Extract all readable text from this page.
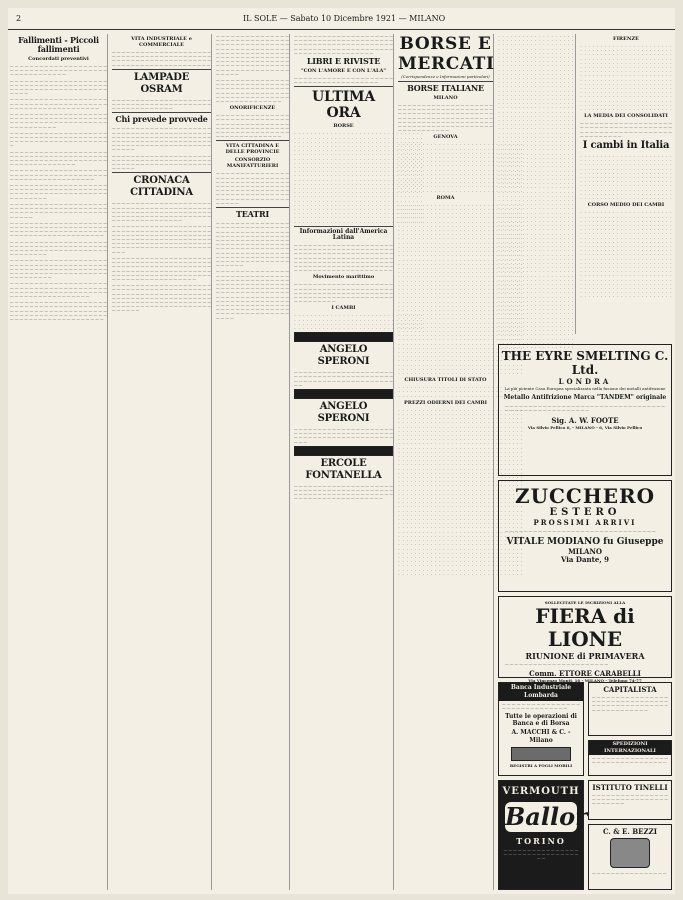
2	IL SOLE — Sabato 10 Dicembre 1921 — MILANO
Fallimenti - Piccoli fallimenti
Concordati preventivi

— — — — — — — — — — — — — — — — — — — — — — — — — — — — — — — — — — — — — — — — — — — — — — — — — — — —

— — — — — — — — — — — — — — — — — — — — — — — — — — — — — — — — — — — — — — — — — — — — — — — — — — — — — — — — — — — — — — — —

— — — — — — — — — — — — — — — — — — — — — — — — — — — — — — — — — — — — — — — — — — — — — — — — — — — — — — — — — — —

— — — — — — — — — — — — — — — — — — — — — — — — — — — — — — — — — — — — — — — — — — — — — — — — — — — — — — — — — — — — — — — — — — — — — —

— — — — — — — — — — — — — — — — — — — — — — — — — — — — — — — — — — — — — — — — — — — — — — — — — — — — — — — — — — — — —

— — — — — — — — — — — — — — — — — — — — — — — — — — — — — — — — — — — — — — — — — — — — — — — — — — — — — — — — — — — — — — — — — — — — — — — — — —

— — — — — — — — — — — — — — — — — — — — — — — — — — — — — — — — — — — — — — — — — — — — — — — — — — — — — — — — — —

— — — — — — — — — — — — — — — — — — — — — — — — — — — — — — — — — — — — — — — — — — — — — — — — — — — — — — — — — — — — — — — — — — — —

— — — — — — — — — — — — — — — — — — — — — — — — — — — — — — — — — — — — — — — — — — — — — — — — — — — — — — — — — — — — — — — — —

— — — — — — — — — — — — — — — — — — — — — — — — — — — — — — — — — — — — — — — — — — — — — — — — — — — — — — — — — — — — — — — — — — — — — — — — — — — — — — — —

— — — — — — — — — — — — — — — — — — — — — — — — — — — — — — — — — — — — — — — — — — — — — — — — — — — — — — — — — — — — — — — — — — — —

— — — — — — — — — — — — — — — — — — — — — — — — — — — — — — — — — — — — — — — — — — — — — — — — — — — — — — — — — — — — — — — — — — — — — — — — — — — — — — — — — — — — — — — — —

— — — — — — — — — — — — — — — — — — — — — — — — — — — — — — — — — — — — — — — — — — — — — — — — — — — — — — — — — — — — — — — — — — — — — — — — — — — — —

— — — — — — — — — — — — — — — — — — — — — — — — — — — — — — — — — — — — — — — — — — — — — — — — — — — — — — — — — — — — — — — — — — — — — — — — — — — — — — — — — — — — — — — — — — — — — — — — — — — —

VITA INDUSTRIALE e COMMERCIALE

— — — — — — — — — — — — — — — — — — — — — — — — — — — — — — — — — — — — — — — — — — — — — — — — — — — — — — — — — — — — — — — — — — — — — — — — — — — — — — — — — — — —

LAMPADE OSRAM

— — — — — — — — — — — — — — — — — — — — — — — — — — — — — — — — — — — — — — — — — — — — — — — — — — — — — — —

Chi prevede provvede

— — — — — — — — — — — — — — — — — — — — — — — — — — — — — — — — — — — — — — — — — — — — — — — — — — — — — — — — — — — — — — — — — — — — — — — — — — — — — — — — — — — — — — — — — — — — — — — — — — — — — — — — — — — — — —

— — — — — — — — — — — — — — — — — — — — — — — — — — — — — — — — — — — — — — — — — — — — — — — — — — — — — — — — — — — — — — — — — — — —

CRONACA CITTADINA

— — — — — — — — — — — — — — — — — — — — — — — — — — — — — — — — — — — — — — — — — — — — — — — — — — — — — — — — — — — — — — — — — — — — — — — — — — — — — — — — — — — — — — — — — — — — — — — — — — —

— — — — — — — — — — — — — — — — — — — — — — — — — — — — — — — — — — — — — — — — — — — — — — — — — — — — — — — — — — — — — — — — — — — — — — — — — — — — — — — — — — — — — — — — — — — — — — — — — — — — — — — — — — — — — — — — — — — — — — — — — — — — — — — — —

— — — — — — — — — — — — — — — — — — — — — — — — — — — — — — — — — — — — — — — — — — — — — — — — — — — — — — — — — — — — — — — — — — — — — — — — — — — — — — — — — — — — — — — — — — — — — — — — — — — — — — — — — — — — — — — — — — — — — — — — — — —

— — — — — — — — — — — — — — — — — — — — — — — — — — — — — — — — — — — — — — — — — — — — — — — — — — — — — — — — — — — — — — — — — — — — — — — — — — — — — — — — — — — — — — — — — — — — — — — — — — — — — — — — — — — — — — — — — — — — — — — — — — — — — — — — — — — —

— — — — — — — — — — — — — — — — — — — — — — — — — — — — — — — — — — — — — — — — — — — — — — — — — — — — — — — — — — — — — — — — — — — — — — — — — — — — — — — — — — — — — — — — — — — — — — — — — — — — — — — — — — — — — — — — — — — — — — — — — — — — — — — — — — — — — — — — — — — —

— — — — — — — — — — — — — — — — — — — — — — — — — — — — — — — — — — — — — — — — — — — — — — — — — — — — — — — — — — — — — — — — — — — — — — — — — — — — — — — — — — — — — — — — —

ONORIFICENZE

— — — — — — — — — — — — — — — — — — — — — — — — — — — — — — — — — — — — — — — — — — — — — — — — — — — — — — — — — — — — — — — — — — — — — — — — — — — — — — — — — — — — — — — — —

VITA CITTADINA E DELLE PROVINCIE
CONSORZIO MANIFATTURIERI

— — — — — — — — — — — — — — — — — — — — — — — — — — — — — — — — — — — — — — — — — — — — — — — — — — — — — — — — — — — — — — — — — — — — — — — — — — — — — — — — — — — — — — — — — — — — — — — — — — — — — — — — — — — — — —

TEATRI

— — — — — — — — — — — — — — — — — — — — — — — — — — — — — — — — — — — — — — — — — — — — — — — — — — — — — — — — — — — — — — — — — — — — — — — — — — — — — — — — — — — — — — — — — — — — — — — — — — — — — — — — — — — — — — — — — — — — — — — — — — — — — — — — — — — — — — — — — — — — — — — — — — — — — — — — — — — —

— — — — — — — — — — — — — — — — — — — — — — — — — — — — — — — — — — — — — — — — — — — — — — — — — — — — — — — — — — — — — — — — — — — — — — — — — — — — — — — — — — — — — — — — — — — — — — — — — — — — — — — — — — — — — — — — — — — — — — — — — — — — — — — — — — — — — — — — — — — — — — — — — — — — — — — — — — — — — — — — — — — — — — — — —

— — — — — — — — — — — — — — — — — — — — — — — — — — — — — — — — — — — — — — — — — — — — — — — — — — — — — — — — — — — — — — — — — — — — — — — — — — — — — — — — — — — — — — — — — — — — — — — — — — — — —

LIBRI E RIVISTE
"CON L'AMORE E CON L'ALA"

— — — — — — — — — — — — — — — — — — — — — — — — — — — — — — — — — — — — — — —

ULTIMA ORA
BORSE
. . . . . . . . . . . . . . . . . . . . . . . . . . . . . . . .
. . . . . . . . . . . . . . . . . . . . . . . . . . . . . . . .
. . . . . . . . . . . . . . . . . . . . . . . . . . . . . . . .
. . . . . . . . . . . . . . . . . . . . . . . . . . . . . . . .
. . . . . . . . . . . . . . . . . . . . . . . . . . . . . . . .
. . . . . . . . . . . . . . . . . . . . . . . . . . . . . . . .
. . . . . . . . . . . . . . . . . . . . . . . . . . . . . . . .
. . . . . . . . . . . . . . . . . . . . . . . . . . . . . . . .
. . . . . . . . . . . . . . . . . . . . . . . . . . . . . . . .
. . . . . . . . . . . . . . . . . . . . . . . . . . . . . . . .
. . . . . . . . . . . . . . . . . . . . . . . . . . . . . . . .
. . . . . . . . . . . . . . . . . . . . . . . . . . . . . . . .
. . . . . . . . . . . . . . . . . . . . . . . . . . . . . . . .
. . . . . . . . . . . . . . . . . . . . . . . . . . . . . . . .
. . . . . . . . . . . . . . . . . . . . . . . . . . . . . . . .
. . . . . . . . . . . . . . . . . . . . . . . . . . . . . . . .
. . . . . . . . . . . . . . . . . . . . . . . . . . . . . . . .
. . . . . . . . . . . . . . . . . . . . . . . . . . . . . . . .
. . . . . . . . . . . . . . . . . . . . . . . . . . . . . . . .
. . . . . . . . . . . . . . . . . . . . . . . . . . . . . . . .
. . . . . . . . . . . . . . . . . . . . . . . . . . . . . . . .
. . . . . . . . . . . . . . . . . . . . . . . . . . . . . . . .
Informazioni dall'America Latina

— — — — — — — — — — — — — — — — — — — — — — — — — — — — — — — — — — — — — — — — — — — — — — — — — — — — — — — — — — — — — — — — — — — — — — — — — — — — — — — — — — — — — — — — — — — — — — — — — — — — — — — — — — — — — — — — — — — — — — — — — — — — — — — — — — — — — — — — — — — — — — — — — — —

Movimento marittimo

— — — — — — — — — — — — — — — — — — — — — — — — — — — — — — — — — — — — — — — — — — — — — — — — — — — — — — — — — — — — — — — — — — — — — — — — — — — — — — — — — — — — — — — — — — — — —

I CAMBI
. . . . . . . . . . . . . . . . . . . . . . . . . . . . . . . .
. . . . . . . . . . . . . . . . . . . . . . . . . . . . . . . .
. . . . . . . . . . . . . . . . . . . . . . . . . . . . . . . .
. . . . . . . . . . . . . . . . . . . . . . . . . . . . . . . .
ANGELO SPERONI

— — — — — — — — — — — — — — — — — — — — — — — — — — — — — — — — — — — — — — — — — — — — — — — — — — — — — — — — — — — — — — — — —

ANGELO SPERONI

— — — — — — — — — — — — — — — — — — — — — — — — — — — — — — — — — — — — — — — — — — — — — — — — — — — — — — — — — — — — — — — — — —

ERCOLE FONTANELLA

— — — — — — — — — — — — — — — — — — — — — — — — — — — — — — — — — — — — — — — — — — — — — — — — — — — — — — — — — — — — — — — — — — — — — — — — — — — — — — — — — —

BORSE E MERCATI
(Corrispondenze e Informazioni particolari)
BORSE ITALIANE
MILANO

— — — — — — — — — — — — — — — — — — — — — — — — — — — — — — — — — — — — — — — — — — — — — — — — — — — — — — — — — — — — — — — — — — — — — — — — — — — — — — — — — — — — — — — — — — — — — — — — — — — — — — — — — — — — — — — — — — — — — — — — — — — — — — — — — — —

GENOVA
. . . . . . . . . . . . . . . . . . . . . . . . . . . . . . .
. . . . . . . . . . . . . . . . . . . . . . . . . . . . . . .
. . . . . . . . . . . . . . . . . . . . . . . . . . . . . . .
. . . . . . . . . . . . . . . . . . . . . . . . . . . . . . .
. . . . . . . . . . . . . . . . . . . . . . . . . . . . . . .
. . . . . . . . . . . . . . . . . . . . . . . . . . . . . . .
. . . . . . . . . . . . . . . . . . . . . . . . . . . . . . .
. . . . . . . . . . . . . . . . . . . . . . . . . . . . . . .
. . . . . . . . . . . . . . . . . . . . . . . . . . . . . . .
. . . . . . . . . . . . . . . . . . . . . . . . . . . . . . .
. . . . . . . . . . . . . . . . . . . . . . . . . . . . . . .
. . . . . . . . . . . . . . . . . . . . . . . . . . . . . . .
ROMA
. . . . . . . . . . . . . . . . . . . . . . . . . . . . . . .
. . . . . . . . . . . . . . . . . . . . . . . . . . . . . . .
. . . . . . . . . . . . . . . . . . . . . . . . . . . . . . .
. . . . . . . . . . . . . . . . . . . . . . . . . . . . . . .
. . . . . . . . . . . . . . . . . . . . . . . . . . . . . . .
. . . . . . . . . . . . . . . . . . . . . . . . . . . . . . .
. . . . . . . . . . . . . . . . . . . . . . . . . . . . . . .
. . . . . . . . . . . . . . . . . . . . . . . . . . . . . . .
. . . . . . . . . . . . . . . . . . . . . . . . . . . . . . .
. . . . . . . . . . . . . . . . . . . . . . . . . . . . . . .
. . . . . . . . . . . . . . . . . . . . . . . . . . . . . . .
. . . . . . . . . . . . . . . . . . . . . . . . . . . . . . .
. . . . . . . . . . . . . . . . . . . . . . . . . . . . . . .
. . . . . . . . . . . . . . . . . . . . . . . . . . . . . . .
. . . . . . . . . . . . . . . . . . . . . . . . . . . . . . .
. . . . . . . . . . . . . . . . . . . . . . . . . . . . . . .
. . . . . . . . . . . . . . . . . . . . . . . . . . . . . . .
. . . . . . . . . . . . . . . . . . . . . . . . . . . . . . .
. . . . . . . . . . . . . . . . . . . . . . . . . . . . . . .
. . . . . . . . . . . . . . . . . . . . . . . . . . . . . . .
. . . . . . . . . . . . . . . . . . . . . . . . . . . . . . .
. . . . . . . . . . . . . . . . . . . . . . . . . . . . . . .
. . . . . . . . . . . . . . . . . . . . . . . . . . . . . . .
. . . . . . . . . . . . . . . . . . . . . . . . . . . . . . .
. . . . . . . . . . . . . . . . . . . . . . . . . . . . . . .
. . . . . . . . . . . . . . . . . . . . . . . . . . . . . . .
. . . . . . . . . . . . . . . . . . . . . . . . . . . . . . .
. . . . . . . . . . . . . . . . . . . . . . . . . . . . . . .
. . . . . . . . . . . . . . . . . . . . . . . . . . . . . . .
. . . . . . . . . . . . . . . . . . . . . . . . . . . . . . .
. . . . . . . . . . . . . . . . . . . . . . . . . . . . . . .
. . . . . . . . . . . . . . . . . . . . . . . . . . . . . . .
. . . . . . . . . . . . . . . . . . . . . . . . . . . . . . .
. . . . . . . . . . . . . . . . . . . . . . . . . . . . . . .
. . . . . . . . . . . . . . . . . . . . . . . . . . . . . . .
. . . . . . . . . . . . . . . . . . . . . . . . . . . . . . .
. . . . . . . . . . . . . . . . . . . . . . . . . . . . . . .
. . . . . . . . . . . . . . . . . . . . . . . . . . . . . . .
. . . . . . . . . . . . . . . . . . . . . . . . . . . . . . .
. . . . . . . . . . . . . . . . . . . . . . . . . . . . . . .
. . . . . . . . . . . . . . . . . . . . . . . . . . . . . . .
CHIUSURA TITOLI DI STATO
. . . . . . . . . . . . . . . . . . . . . . . . . . . . . . .
. . . . . . . . . . . . . . . . . . . . . . . . . . . . . . .
. . . . . . . . . . . . . . . . . . . . . . . . . . . . . . .
PREZZI ODIERNI DEI CAMBI
. . . . . . . . . . . . . . . . . . . . . . . . . . . . . . .
. . . . . . . . . . . . . . . . . . . . . . . . . . . . . . .
. . . . . . . . . . . . . . . . . . . . . . . . . . . . . . .
. . . . . . . . . . . . . . . . . . . . . . . . . . . . . . .
. . . . . . . . . . . . . . . . . . . . . . . . . . . . . . .
. . . . . . . . . . . . . . . . . . . . . . . . . . . . . . .
. . . . . . . . . . . . . . . . . . . . . . . . . . . . . . .
. . . . . . . . . . . . . . . . . . . . . . . . . . . . . . .
. . . . . . . . . . . . . . . . . . . . . . . . . . . . . . .
. . . . . . . . . . . . . . . . . . . . . . . . . . . . . . .
. . . . . . . . . . . . . . . . . . . . . . . . . . . . . . .
. . . . . . . . . . . . . . . . . . . . . . . . . . . . . . .
. . . . . . . . . . . . . . . . . . . . . . . . . . . . . . .
. . . . . . . . . . . . . . . . . . . . . . . . . . . . . . .
. . . . . . . . . . . . . . . . . . . . . . . . . . . . . . .
. . . . . . . . . . . . . . . . . . . . . . . . . . . . . . .
. . . . . . . . . . . . . . . . . . . . . . . . . . . . . . .
. . . . . . . . . . . . . . . . . . . . . . . . . . . . . . .
. . . . . . . . . . . . . . . . . . . . . . . . . . . . . . .
. . . . . . . . . . . . . . . . . . . . . . . . . . . . . . .
. . . . . . . . . . . . . . . . . . . . . . . . . . . . . . .
. . . . . . . . . . . . . . . . . . . . . . . . . . . . . . .
. . . . . . . . . . . . . . . . . . . . . . . . . . . . . . .
. . . . . . . . . . . . . . . . . . . . . . . . . . . . . . .
. . . . . . . . . . . . . . . . . . . . . . . . . . . . . . .
. . . . . . . . . . . . . . . . . . . . . . . . . . . . . . .
. . . . . . . . . . . . . . . . . . . . . . . . . . . . . . .
. . . . . . . . . . . . . . . . . . . . . . . . . . . . . . .
. . . . . . . . . . . . . . . . . . . . . . . . . . . . . . .
. . . . . . . . . . . . . . . . . . . . . . . . . . . . . . .
. . . . . . . . . . . . . . . . . . . . . . . . . . . . . . .
. . . . . . . . . . . . . . . . . . . . . . . . . . . . . . .
. . . . . . . . . . . . . . . . . . . . . . . . . . . . . . .
. . . . . . . . . . . . . . . . . . . . . . . . . . . . . . .
. . . . . . . . . . . . . . . . . . . . . . . . . . . . . . .
. . . . . . . . . . . . . . . . . . . . . . . . . . . . . . .
. . . . . . . . . . . . . . . . . . . . . . . . . . . . . . .
. . . . . . . . . . . . . . . . . . . . . . . . . . . . . . .
. . . . . . . . . . . . . . . . . . . . . . . . . . . . . . .
. . . . . . . . . . . . . . . . . . . . . . . . . . . . . . .
. . . . . . . . . . . . . . . . . . .
. . . . . . . . . . . . . . . . . . .
. . . . . . . . . . . . . . . . . . .
. . . . . . . . . . . . . . . . . . .
. . . . . . . . . . . . . . . . . . .
. . . . . . . . . . . . . . . . . . .
. . . . . . . . . . . . . . . . . . .
. . . . . . . . . . . . . . . . . . .
. . . . . . . . . . . . . . . . . . .
. . . . . . . . . . . . . . . . . . .
. . . . . . . . . . . . . . . . . . .
. . . . . . . . . . . . . . . . . . .
. . . . . . . . . . . . . . . . . . .
. . . . . . . . . . . . . . . . . . .
. . . . . . . . . . . . . . . . . . .
. . . . . . . . . . . . . . . . . . .
. . . . . . . . . . . . . . . . . . .
. . . . . . . . . . . . . . . . . . .
. . . . . . . . . . . . . . . . . . .
. . . . . . . . . . . . . . . . . . .
. . . . . . . . . . . . . . . . . . .
. . . . . . . . . . . . . . . . . . .
. . . . . . . . . . . . . . . . . . .
. . . . . . . . . . . . . . . . . . .
. . . . . . . . . . . . . . . . . . .
. . . . . . . . . . . . . . . . . . .
. . . . . . . . . . . . . . . . . . .
. . . . . . . . . . . . . . . . . . .
. . . . . . . . . . . . . . . . . . .
. . . . . . . . . . . . . . . . . . .
. . . . . . . . . . . . . . . . . . .
. . . . . . . . . . . . . . . . . . .
. . . . . . . . . . . . . . . . . . .
. . . . . . . . . . . . . . . . . . .
. . . . . . . . . . . . . . . . . . .
. . . . . . . . . . . . . . . . . . .
. . . . . . . . . . . . . . . . . . .
. . . . . . . . . . . . . . . . . . .
. . . . . . . . . . . . . . . . . . .
. . . . . . . . . . . . . . . . . . .
. . . . . . . . . . . . . . . . . . .
. . . . . . . . . . . . . . . . . . .
. . . . . . . . . . . . . . . . . . .
. . . . . . . . . . . . . . . . . . .
. . . . . . . . . . . . . . . . . . .
. . . . . . . . . . . . . . . . . . .
. . . . . . . . . . . . . . . . . . .
. . . . . . . . . . . . . . . . . . .
. . . . . . . . . . . . . . . . . . .
. . . . . . . . . . . . . . . . . . .
. . . . . . . . . . . . . . . . . . .
. . . . . . . . . . . . . . . . . . .
. . . . . . . . . . . . . . . . . . .
. . . . . . . . . . . . . . . . . . .
. . . . . . . . . . . . . . . . . . .
. . . . . . . . . . . . . . . . . . .
. . . . . . . . . . . . . . . . . . .
. . . . . . . . . . . . . . . . . . .
. . . . . . . . . . . . . . . . . . .
. . . . . . . . . . . . . . . . . . .
. . . . . . . . . . . . . . . . . . .
. . . . . . . . . . . . . . . . . . .
. . . . . . . . . . . . . . . . . . .
. . . . . . . . . . . . . . . . . . .
. . . . . . . . . . . . . . . . . . .
. . . . . . . . . . . . . . . . . . .
. . . . . . . . . . . . . . . . . . .
. . . . . . . . . . . . . . . . . . .
. . . . . . . . . . . . . . . . . . .
. . . . . . . . . . . . . . . . . . .
. . . . . . . . . . . . . . . . . . .
. . . . . . . . . . . . . . . . . . .
. . . . . . . . . . . . . . . . . . .
. . . . . . . . . . . . . . . . . . .
. . . . . . . . . . . . . . . . . . .
FIRENZE
. . . . . . . . . . . . . . . . . . . . . . .
. . . . . . . . . . . . . . . . . . . . . . .
. . . . . . . . . . . . . . . . . . . . . . .
. . . . . . . . . . . . . . . . . . . . . . .
. . . . . . . . . . . . . . . . . . . . . . .
. . . . . . . . . . . . . . . . . . . . . . .
. . . . . . . . . . . . . . . . . . . . . . .
. . . . . . . . . . . . . . . . . . . . . . .
. . . . . . . . . . . . . . . . . . . . . . .
. . . . . . . . . . . . . . . . . . . . . . .
. . . . . . . . . . . . . . . . . . . . . . .
. . . . . . . . . . . . . . . . . . . . . . .
. . . . . . . . . . . . . . . . . . . . . . .
. . . . . . . . . . . . . . . . . . . . . . .
. . . . . . . . . . . . . . . . . . . . . . .
. . . . . . . . . . . . . . . . . . . . . . .
LA MEDIA DEI CONSOLIDATI

— — — — — — — — — — — — — — — — — — — — — — — — — — — — — — — — — — — — — — — — — — — — — — — — — — — — — — — — — — — — — — — — — —

I cambi in Italia
. . . . . . . . . . . . . . . . . . . . . . .
. . . . . . . . . . . . . . . . . . . . . . .
. . . . . . . . . . . . . . . . . . . . . . .
. . . . . . . . . . . . . . . . . . . . . . .
. . . . . . . . . . . . . . . . . . . . . . .
. . . . . . . . . . . . . . . . . . . . . . .
. . . . . . . . . . . . . . . . . . . . . . .
. . . . . . . . . . . . . . . . . . . . . . .
. . . . . . . . . . . . . . . . . . . . . . .
. . . . . . . . . . . . . . . . . . . . . . .
. . . . . . . . . . . . . . . . . . . . . . .
CORSO MEDIO DEI CAMBI
. . . . . . . . . . . . . . . . . . . . . . .
. . . . . . . . . . . . . . . . . . . . . . .
. . . . . . . . . . . . . . . . . . . . . . .
. . . . . . . . . . . . . . . . . . . . . . .
. . . . . . . . . . . . . . . . . . . . . . .
. . . . . . . . . . . . . . . . . . . . . . .
. . . . . . . . . . . . . . . . . . . . . . .
. . . . . . . . . . . . . . . . . . . . . . .
. . . . . . . . . . . . . . . . . . . . . . .
. . . . . . . . . . . . . . . . . . . . . . .
. . . . . . . . . . . . . . . . . . . . . . .
. . . . . . . . . . . . . . . . . . . . . . .
. . . . . . . . . . . . . . . . . . . . . . .
. . . . . . . . . . . . . . . . . . . . . . .
. . . . . . . . . . . . . . . . . . . . . . .
. . . . . . . . . . . . . . . . . . . . . . .
. . . . . . . . . . . . . . . . . . . . . . .
. . . . . . . . . . . . . . . . . . . . . . .
. . . . . . . . . . . . . . . . . . . . . . .
. . . . . . . . . . . . . . . . . . . . . . .
. . . . . . . . . . . . . . . . . . . . . . .
THE EYRE SMELTING C. Ltd.
LONDRA
La più potente Casa Europea specializzata nella fusione dei metalli antifrizione
Metallo Antifrizione Marca "TANDEM" originale

— — — — — — — — — — — — — — — — — — — — — — — — — — — — — — — — — — — — — — — — — — — — — — — — — — — —

Sig. A. W. FOOTE
Via Silvio Pellico 6, - MILANO - 6, Via Silvio Pellico
ZUCCHERO
ESTERO
PROSSIMI ARRIVI

— — — — — — — — — — — — — — — — — — — — — — — — — — — — — — — —

VITALE MODIANO fu Giuseppe
MILANO
Via Dante, 9
SOLLECITATE LE ISCRIZIONI ALLA
FIERA di LIONE
RIUNIONE di PRIMAVERA

— — — — — — — — — — — — — — — — — — — — — —

Comm. ETTORE CARABELLI
Via Vincenzo Monti, 16 - MILANO - Telefono 74-77
Banca Industriale Lombarda

— — — — — — — — — — — — — — — — — — — — — — — — — — — — — —

Tutte le operazioni di Banca e di Borsa
A. MACCHI & C. - Milano
REGISTRI A FOGLI MOBILI
VERMOUTH
Ballor
TORINO
— — — — — — — — — — — — — — — — — — — — — — — — — — — — — — — — — —
CAPITALISTA

— — — — — — — — — — — — — — — — — — — — — — — — — — — — — — — — — — — — — — — — — — — — — — — — — — — — — — — — — — — —

SPEDIZIONI INTERNAZIONALI

— — — — — — — — — — — — — — — — — — — — — — — — — — — — — — — —

ISTITUTO TINELLI

— — — — — — — — — — — — — — — — — — — — — — — — — — — — — — — — — — — — — — —

C. & E. BEZZI

— — — — — — — — — — — — — — — —
